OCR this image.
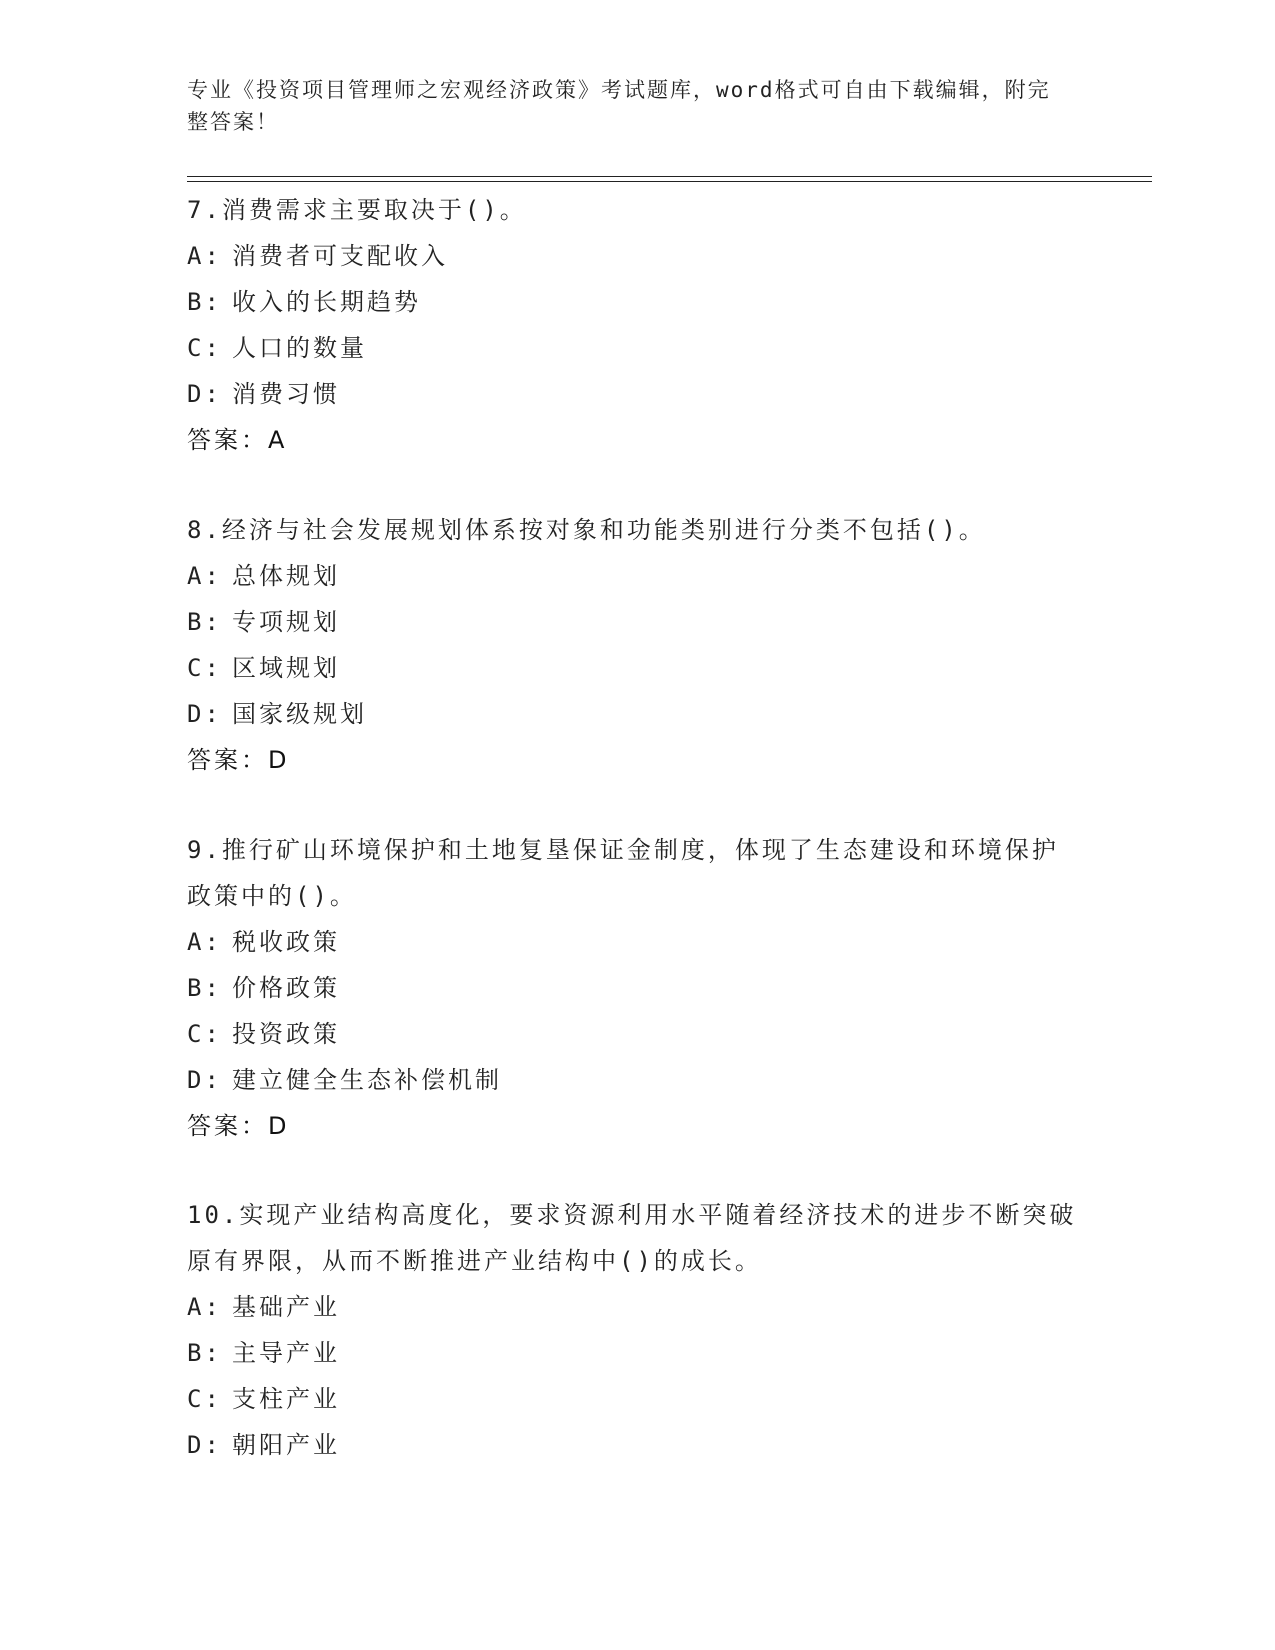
专业《投资项目管理师之宏观经济政策》考试题库，word格式可自由下载编辑，附完整答案！

7.消费需求主要取决于()。

A: 消费者可支配收入
B: 收入的长期趋势
C: 人口的数量
D: 消费习惯
答案：A

8.经济与社会发展规划体系按对象和功能类别进行分类不包括()。

A: 总体规划
B: 专项规划
C: 区域规划
D: 国家级规划
答案：D

9.推行矿山环境保护和土地复垦保证金制度，体现了生态建设和环境保护政策中的()。

A: 税收政策
B: 价格政策
C: 投资政策
D: 建立健全生态补偿机制
答案：D

10.实现产业结构高度化，要求资源利用水平随着经济技术的进步不断突破原有界限，从而不断推进产业结构中()的成长。

A: 基础产业
B: 主导产业
C: 支柱产业
D: 朝阳产业
